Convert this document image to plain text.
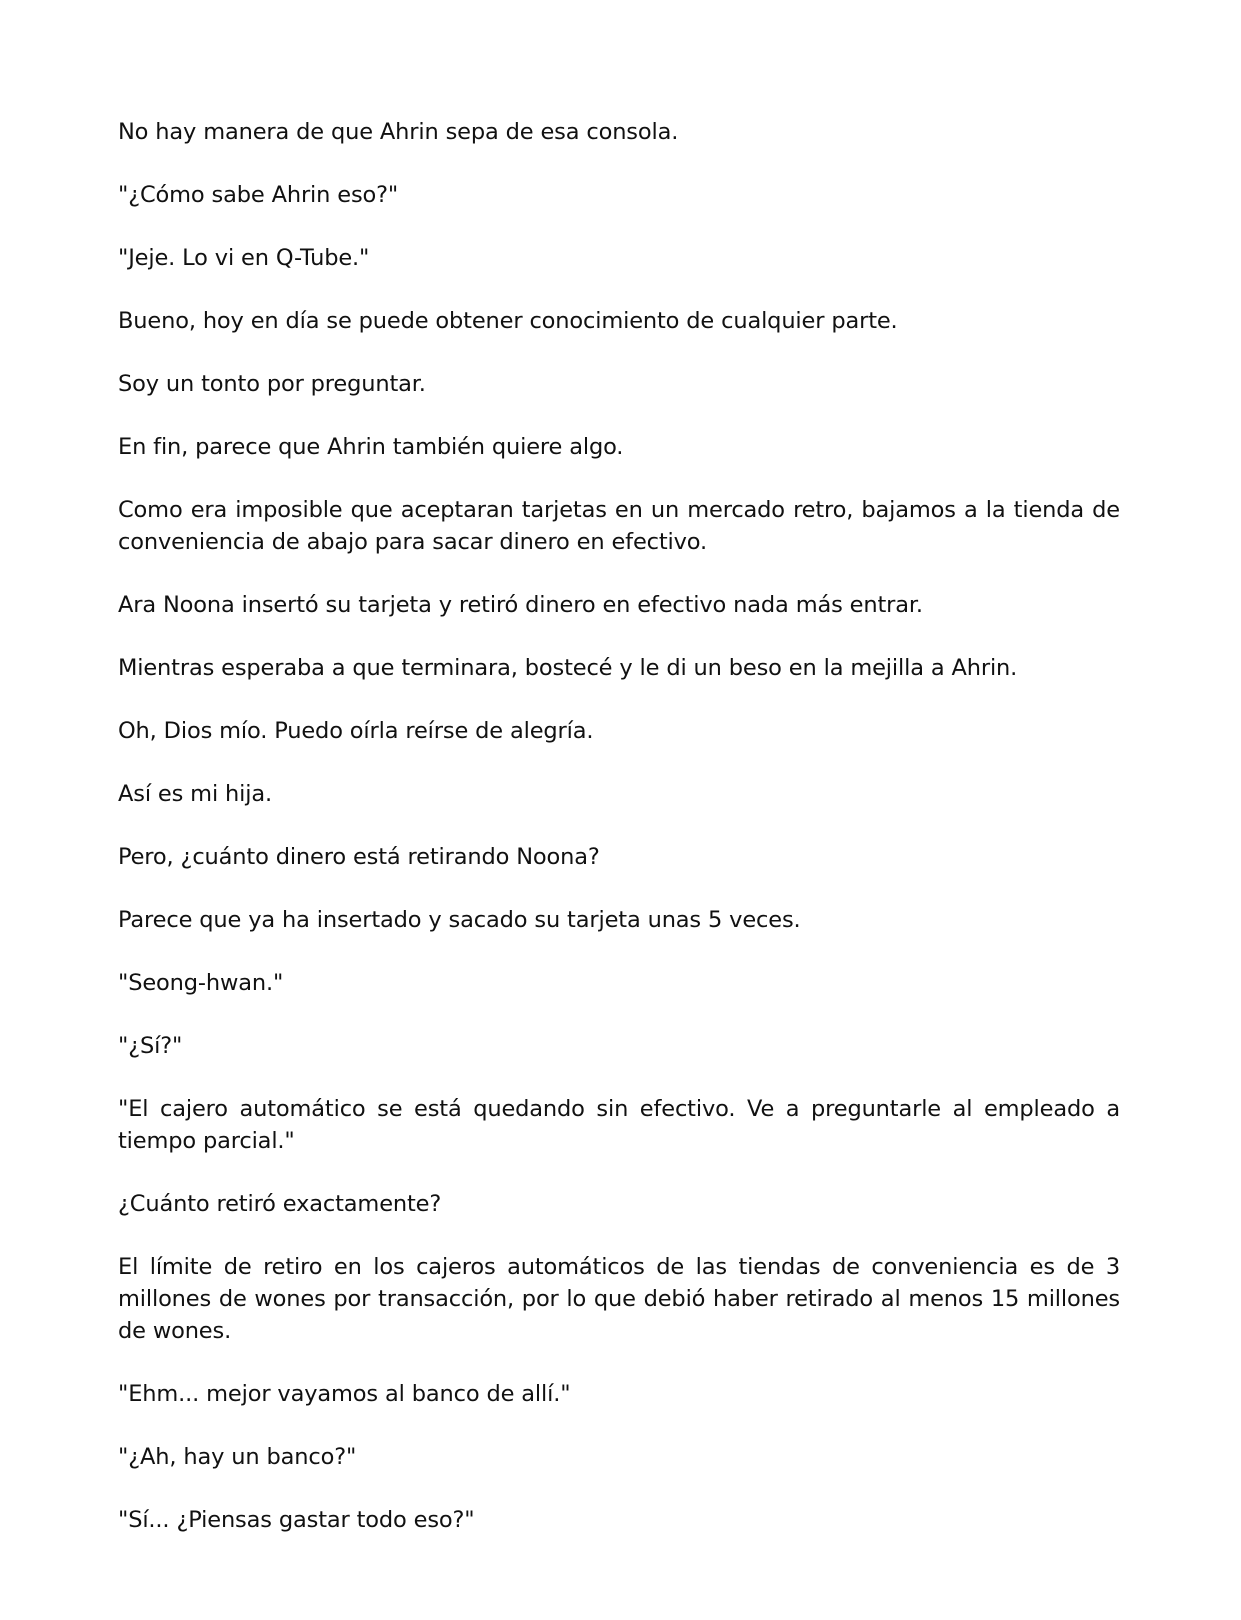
No hay manera de que Ahrin sepa de esa consola.

"¿Cómo sabe Ahrin eso?"

"Jeje. Lo vi en Q-Tube."

Bueno, hoy en día se puede obtener conocimiento de cualquier parte.

Soy un tonto por preguntar.

En fin, parece que Ahrin también quiere algo.

Como era imposible que aceptaran tarjetas en un mercado retro, bajamos a la tienda de conveniencia de abajo para sacar dinero en efectivo.

Ara Noona insertó su tarjeta y retiró dinero en efectivo nada más entrar.

Mientras esperaba a que terminara, bostecé y le di un beso en la mejilla a Ahrin.

Oh, Dios mío. Puedo oírla reírse de alegría.

Así es mi hija.

Pero, ¿cuánto dinero está retirando Noona?

Parece que ya ha insertado y sacado su tarjeta unas 5 veces.

"Seong-hwan."

"¿Sí?"

"El cajero automático se está quedando sin efectivo. Ve a preguntarle al empleado a tiempo parcial."

¿Cuánto retiró exactamente?

El límite de retiro en los cajeros automáticos de las tiendas de conveniencia es de 3 millones de wones por transacción, por lo que debió haber retirado al menos 15 millones de wones.

"Ehm... mejor vayamos al banco de allí."

"¿Ah, hay un banco?"

"Sí... ¿Piensas gastar todo eso?"
